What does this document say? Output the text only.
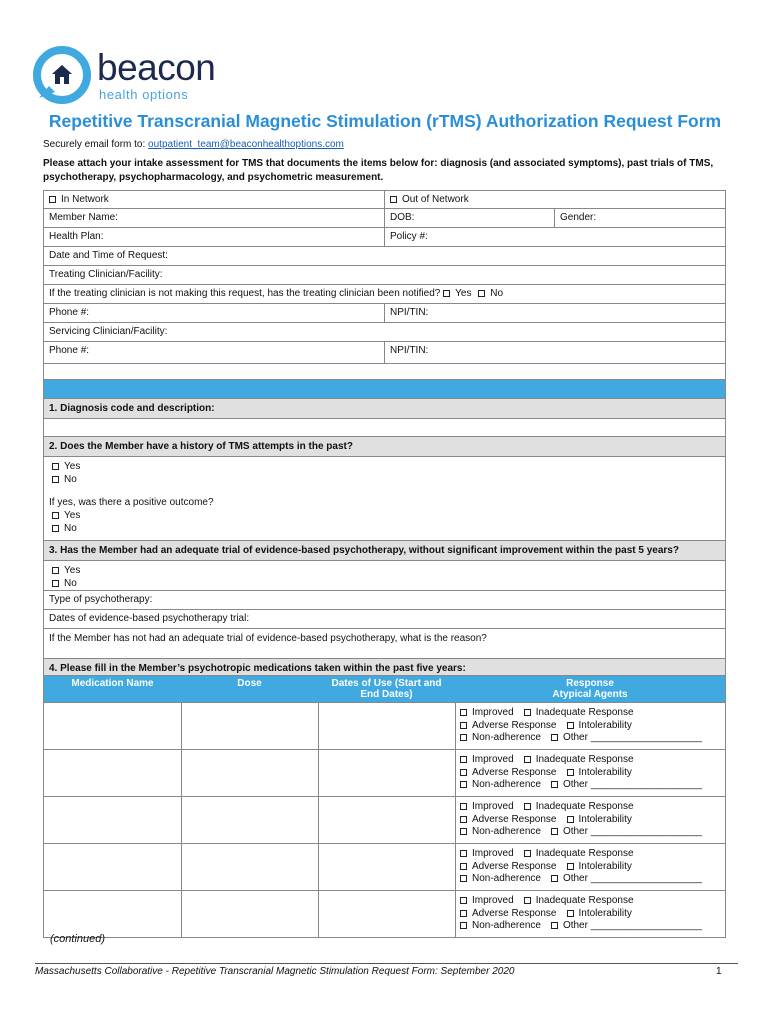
beacon
health options
Repetitive Transcranial Magnetic Stimulation (rTMS) Authorization Request Form
Securely email form to: outpatient_team@beaconhealthoptions.com
Please attach your intake assessment for TMS that documents the items below for: diagnosis (and associated symptoms), past trials of TMS, psychotherapy, psychopharmacology, and psychometric measurement.
In Network	Out of Network
Member Name:	DOB:	Gender:
Health Plan:	Policy #:
Date and Time of Request:
Treating Clinician/Facility:
If the treating clinician is not making this request, has the treating clinician been notified? Yes No
Phone #:	NPI/TIN:
Servicing Clinician/Facility:
Phone #:	NPI/TIN:
1. Diagnosis code and description:
2. Does the Member have a history of TMS attempts in the past?
Yes
No
If yes, was there a positive outcome?
Yes
No
3. Has the Member had an adequate trial of evidence-based psychotherapy, without significant improvement within the past 5 years?
Yes
No
Type of psychotherapy:
Dates of evidence-based psychotherapy trial:
If the Member has not had an adequate trial of evidence-based psychotherapy, what is the reason?
4. Please fill in the Member’s psychotropic medications taken within the past five years:
Medication Name	Dose	Dates of Use (Start and
End Dates)
Response
Atypical Agents
Improved Inadequate Response
Adverse Response Intolerability
Non-adherence Other ____________________
Improved Inadequate Response
Adverse Response Intolerability
Non-adherence Other ____________________
Improved Inadequate Response
Adverse Response Intolerability
Non-adherence Other ____________________
Improved Inadequate Response
Adverse Response Intolerability
Non-adherence Other ____________________
Improved Inadequate Response
Adverse Response Intolerability
Non-adherence Other ____________________
(continued)
Massachusetts Collaborative - Repetitive Transcranial Magnetic Stimulation Request Form: September 2020	1
